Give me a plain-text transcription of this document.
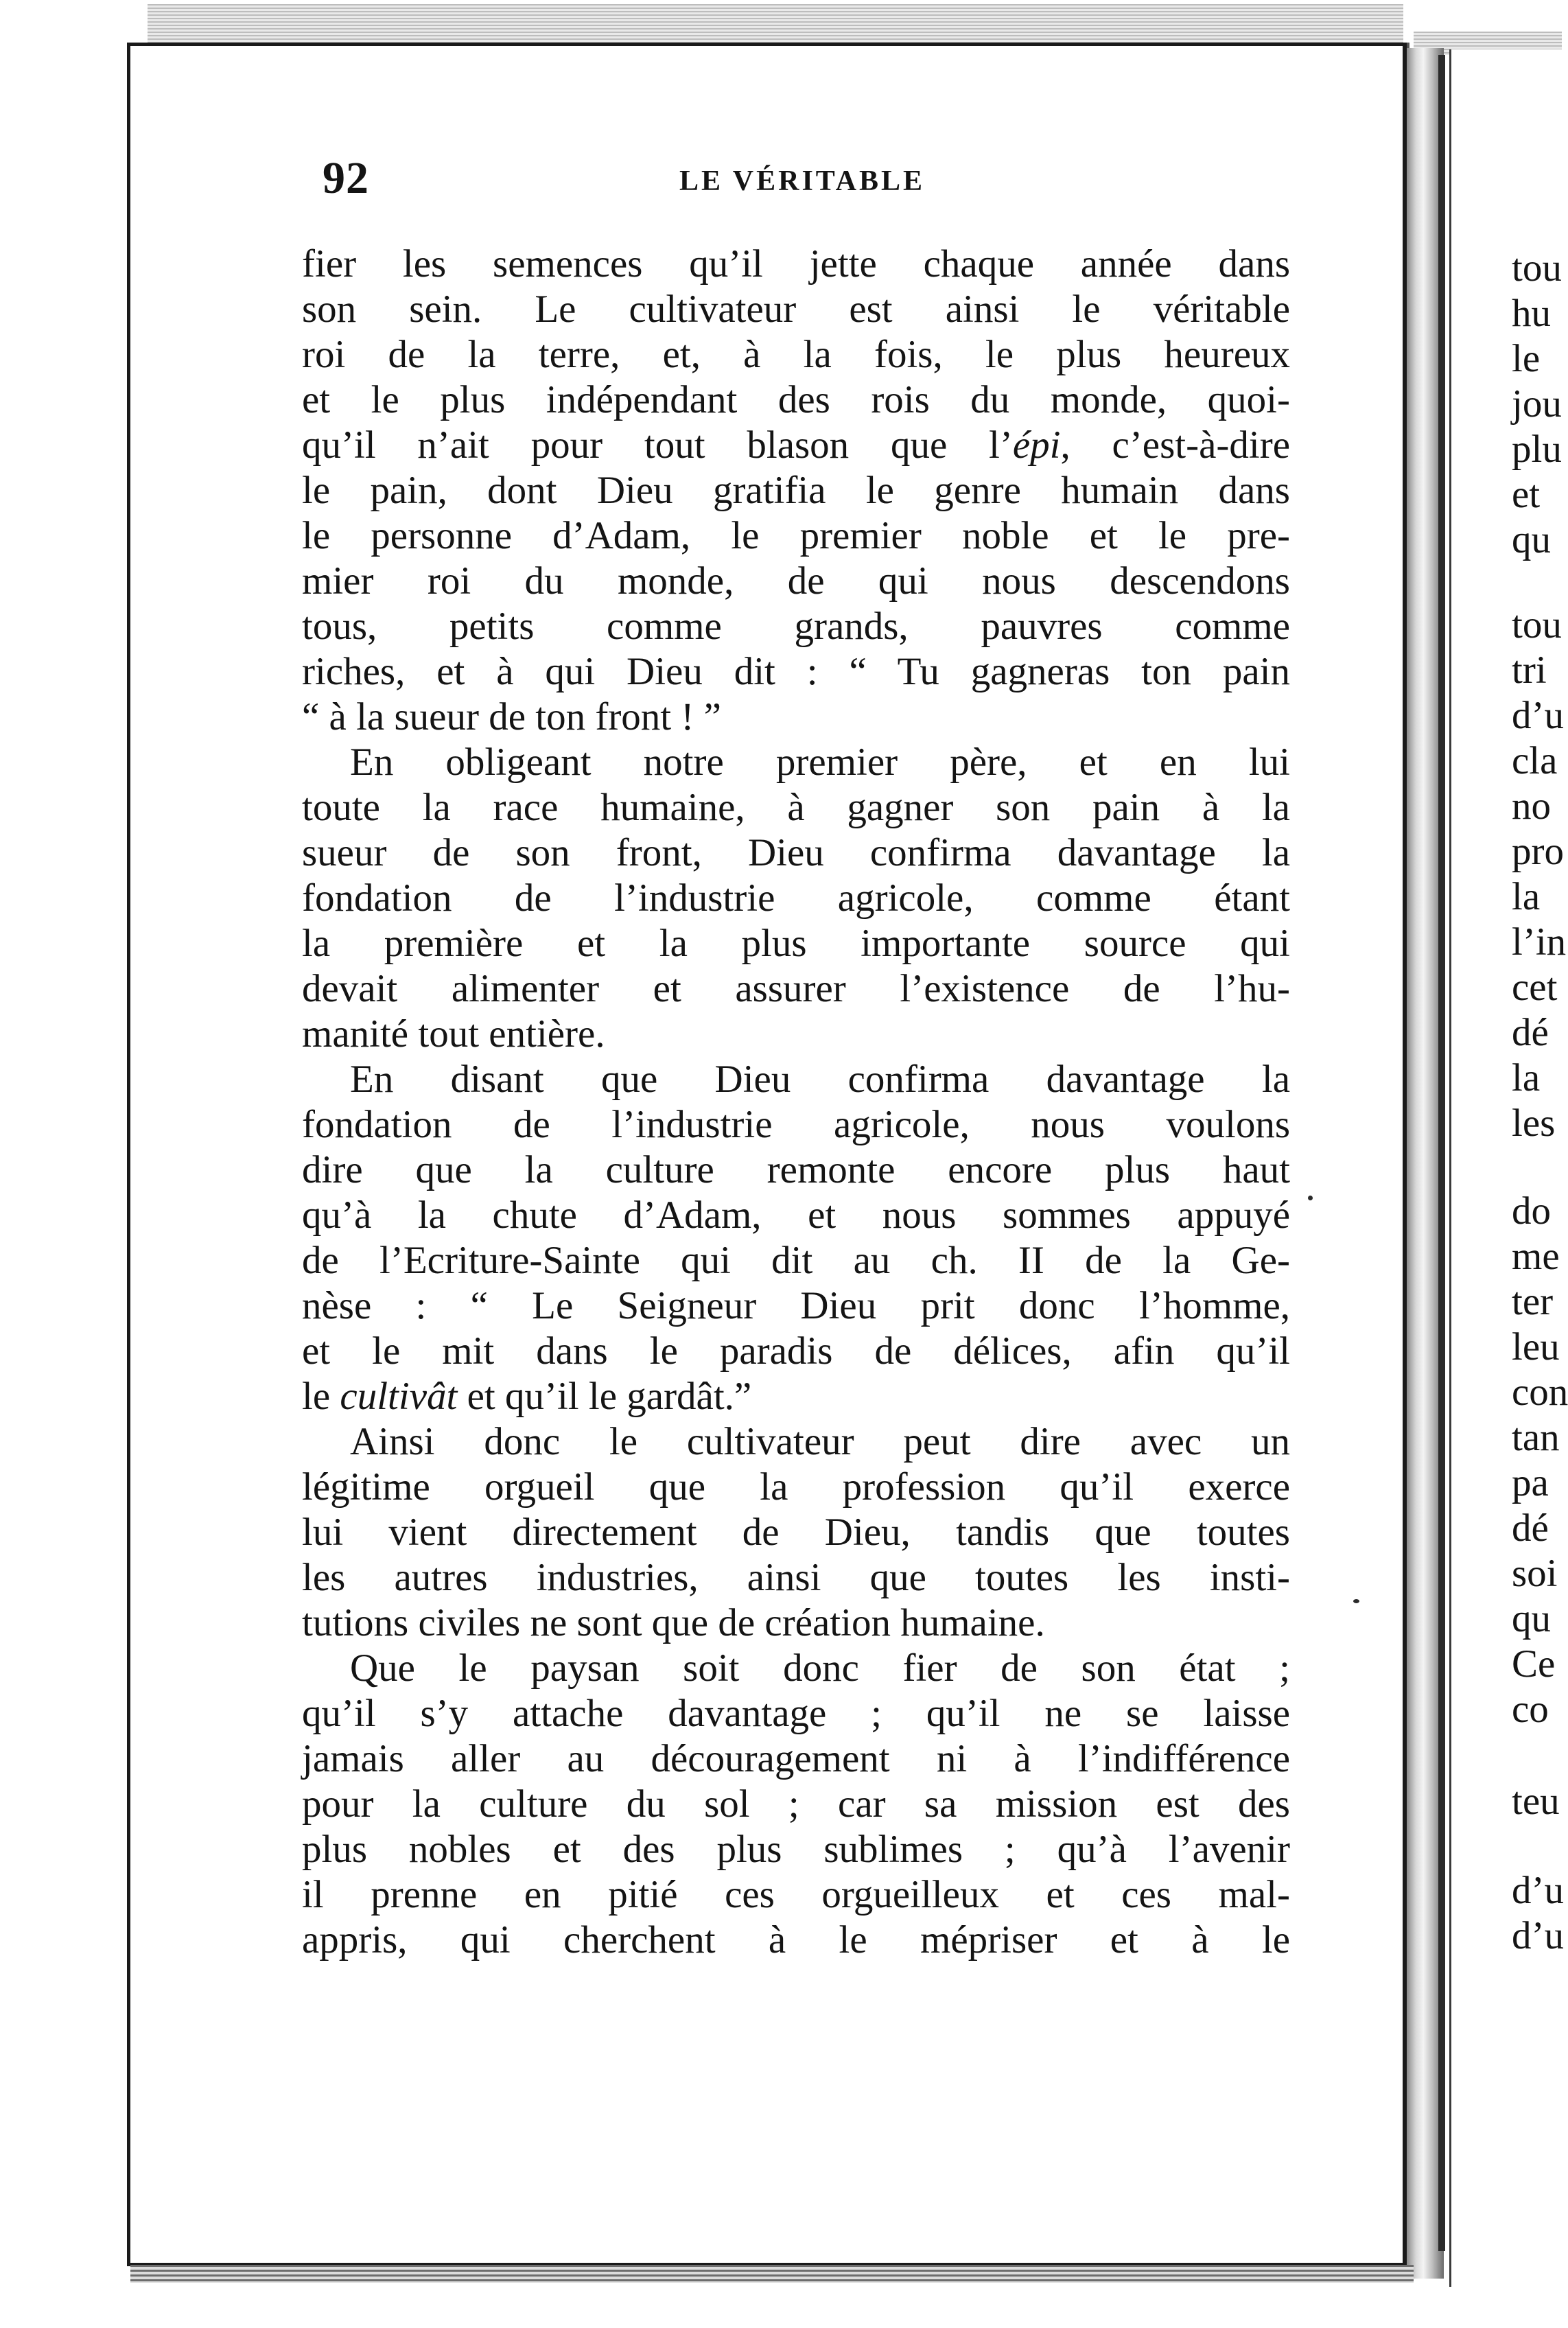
92	LE VÉRITABLE
fier les semences qu’il jette chaque année dans
son sein. Le cultivateur est ainsi le véritable
roi de la terre, et, à la fois, le plus heureux
et le plus indépendant des rois du monde, quoi-
qu’il n’ait pour tout blason que l’épi, c’est-à-dire
le pain, dont Dieu gratifia le genre humain dans
le personne d’Adam, le premier noble et le pre-
mier roi du monde, de qui nous descendons
tous, petits comme grands, pauvres comme
riches, et à qui Dieu dit : “ Tu gagneras ton pain
“ à la sueur de ton front ! ”
En obligeant notre premier père, et en lui
toute la race humaine, à gagner son pain à la
sueur de son front, Dieu confirma davantage la
fondation de l’industrie agricole, comme étant
la première et la plus importante source qui
devait alimenter et assurer l’existence de l’hu-
manité tout entière.
En disant que Dieu confirma davantage la
fondation de l’industrie agricole, nous voulons
dire que la culture remonte encore plus haut
qu’à la chute d’Adam, et nous sommes appuyé
de l’Ecriture-Sainte qui dit au ch. II de la Ge-
nèse : “ Le Seigneur Dieu prit donc l’homme,
et le mit dans le paradis de délices, afin qu’il
le cultivât et qu’il le gardât.”
Ainsi donc le cultivateur peut dire avec un
légitime orgueil que la profession qu’il exerce
lui vient directement de Dieu, tandis que toutes
les autres industries, ainsi que toutes les insti-
tutions civiles ne sont que de création humaine.
Que le paysan soit donc fier de son état ;
qu’il s’y attache davantage ; qu’il ne se laisse
jamais aller au découragement ni à l’indifférence
pour la culture du sol ; car sa mission est des
plus nobles et des plus sublimes ; qu’à l’avenir
il prenne en pitié ces orgueilleux et ces mal-
appris, qui cherchent à le mépriser et à le
tou
hu
le
jou
plu
et
qu
tou
tri
d’u
cla
no
pro
la
l’in
cet
dé
la
les
do
me
ter
leu
con
tan
pa
dé
soi
qu
Ce
co
teu
d’u
d’u
